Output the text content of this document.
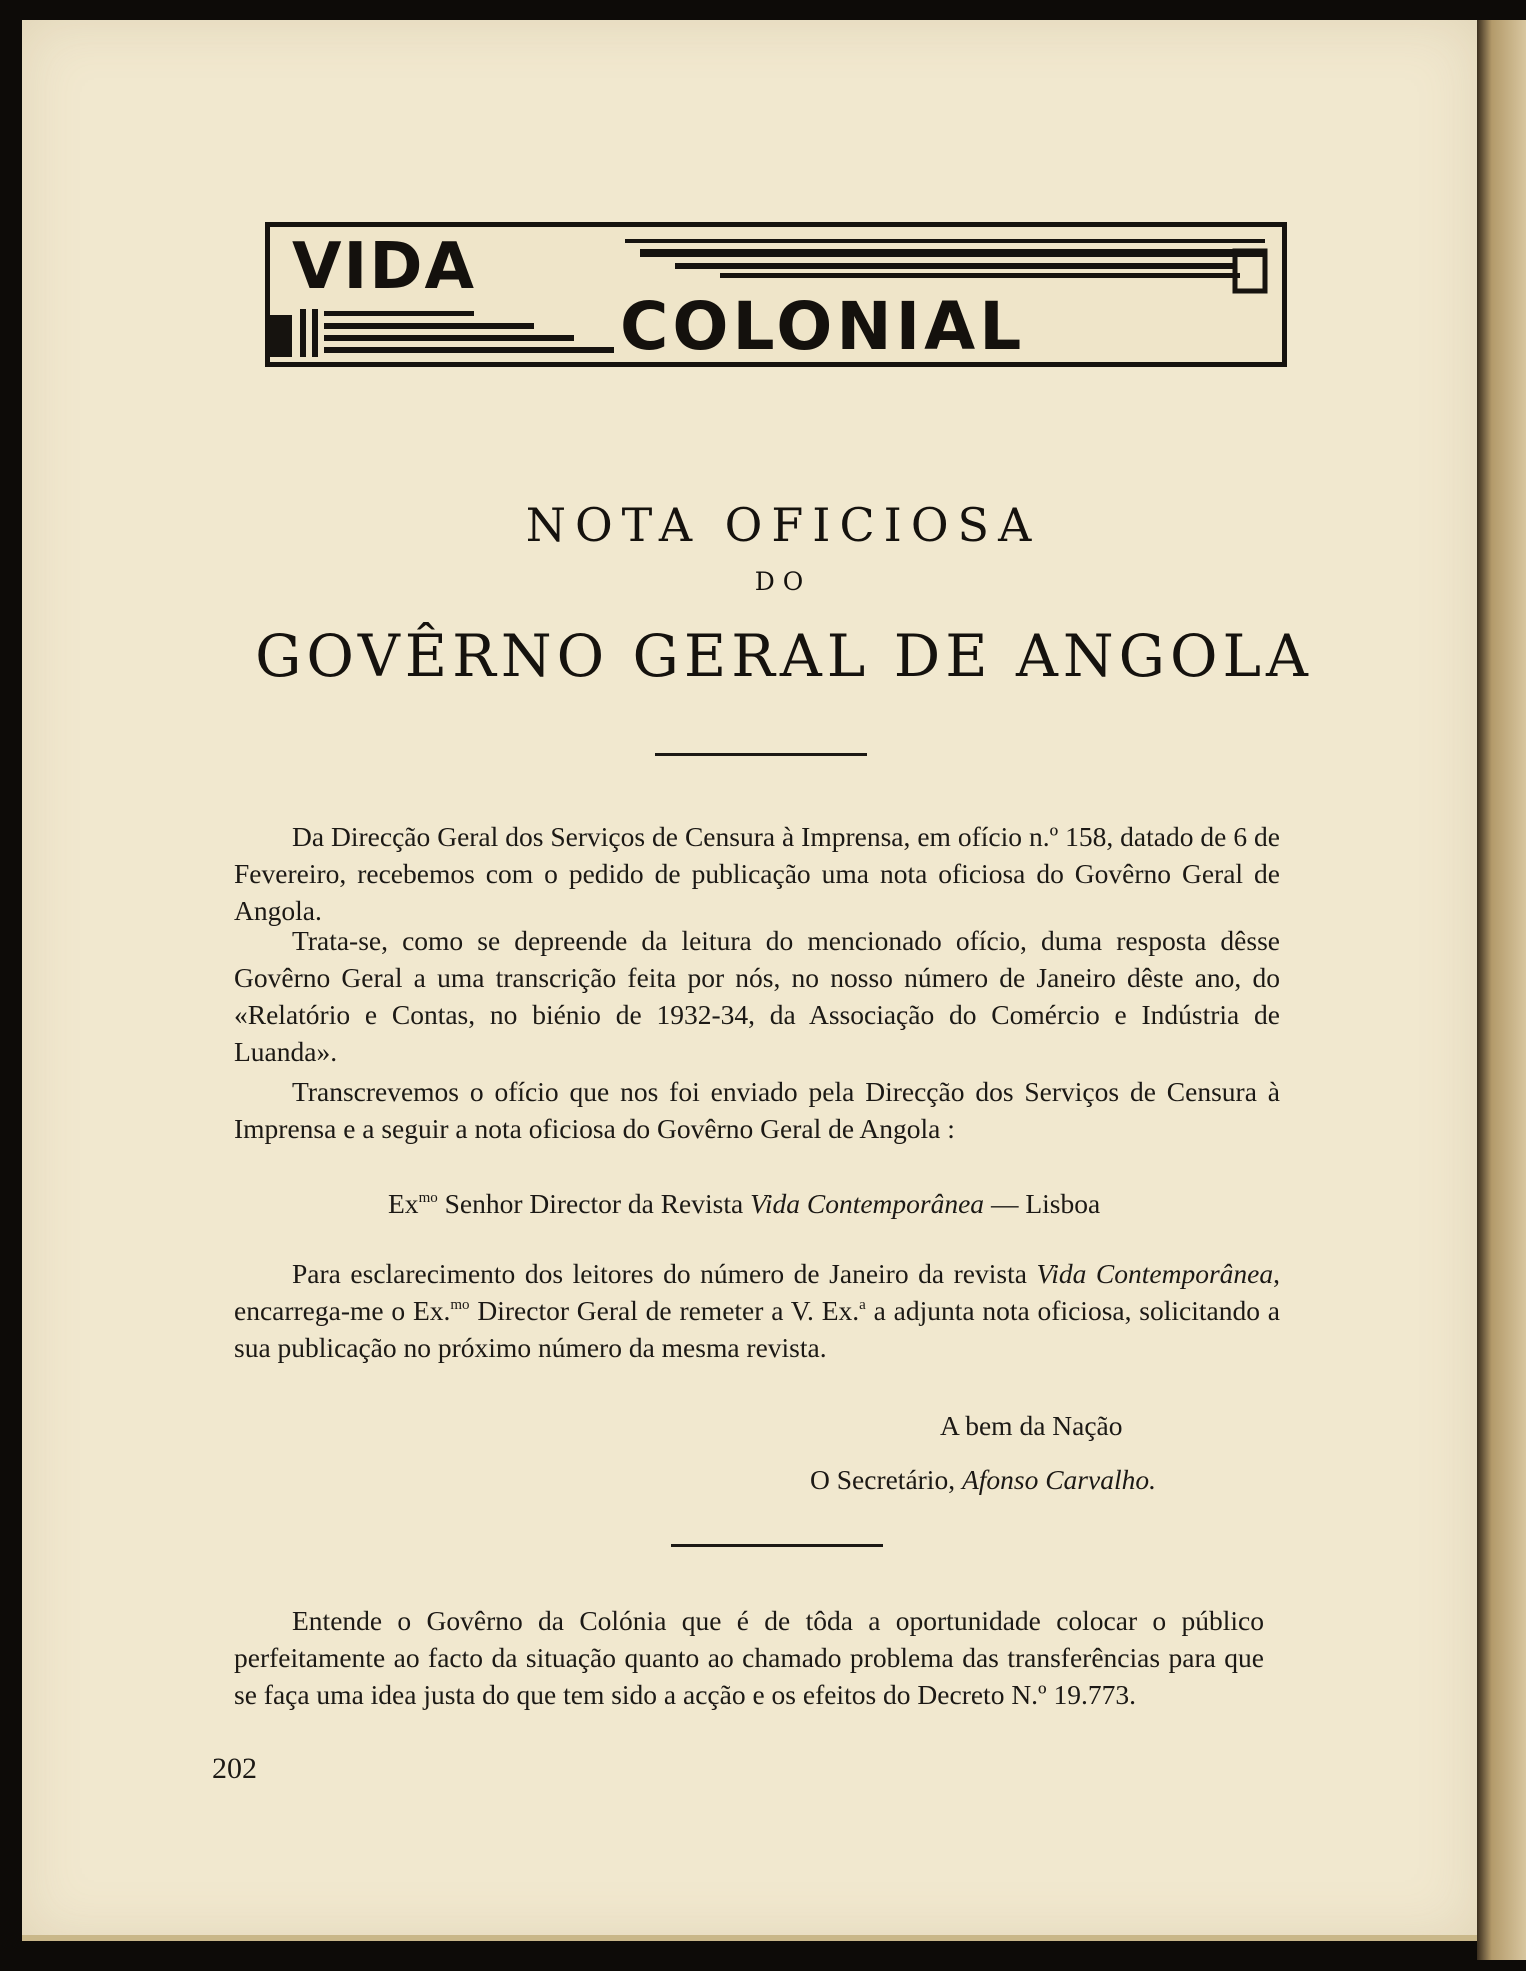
VIDA
COLONIAL
NOTA OFICIOSA
DO
GOVÊRNO GERAL DE ANGOLA

Da Direcção Geral dos Serviços de Censura à Imprensa, em ofício n.º 158, datado de 6 de Fevereiro, recebemos com o pedido de publicação uma nota oficiosa do Govêrno Geral de Angola.

Trata-se, como se depreende da leitura do mencionado ofício, duma resposta dêsse Govêrno Geral a uma transcrição feita por nós, no nosso número de Janeiro dêste ano, do «Relatório e Contas, no biénio de 1932-34, da Associação do Comércio e Indústria de Luanda».

Transcrevemos o ofício que nos foi enviado pela Direcção dos Serviços de Censura à Imprensa e a seguir a nota oficiosa do Govêrno Geral de Angola :

$Ex^{mo}$ Senhor Director da Revista Vida Contemporânea — Lisboa

Para esclarecimento dos leitores do número de Janeiro da revista Vida Contemporânea, encarrega-me o Ex.$^{mo}$ Director Geral de remeter a V. Ex.$^a$ a adjunta nota oficiosa, solicitando a sua publicação no próximo número da mesma revista.

A bem da Nação
O Secretário, Afonso Carvalho.

Entende o Govêrno da Colónia que é de tôda a oportunidade colocar o público perfeitamente ao facto da situação quanto ao chamado problema das transferências para que se faça uma idea justa do que tem sido a acção e os efeitos do Decreto N.º 19.773.

202
